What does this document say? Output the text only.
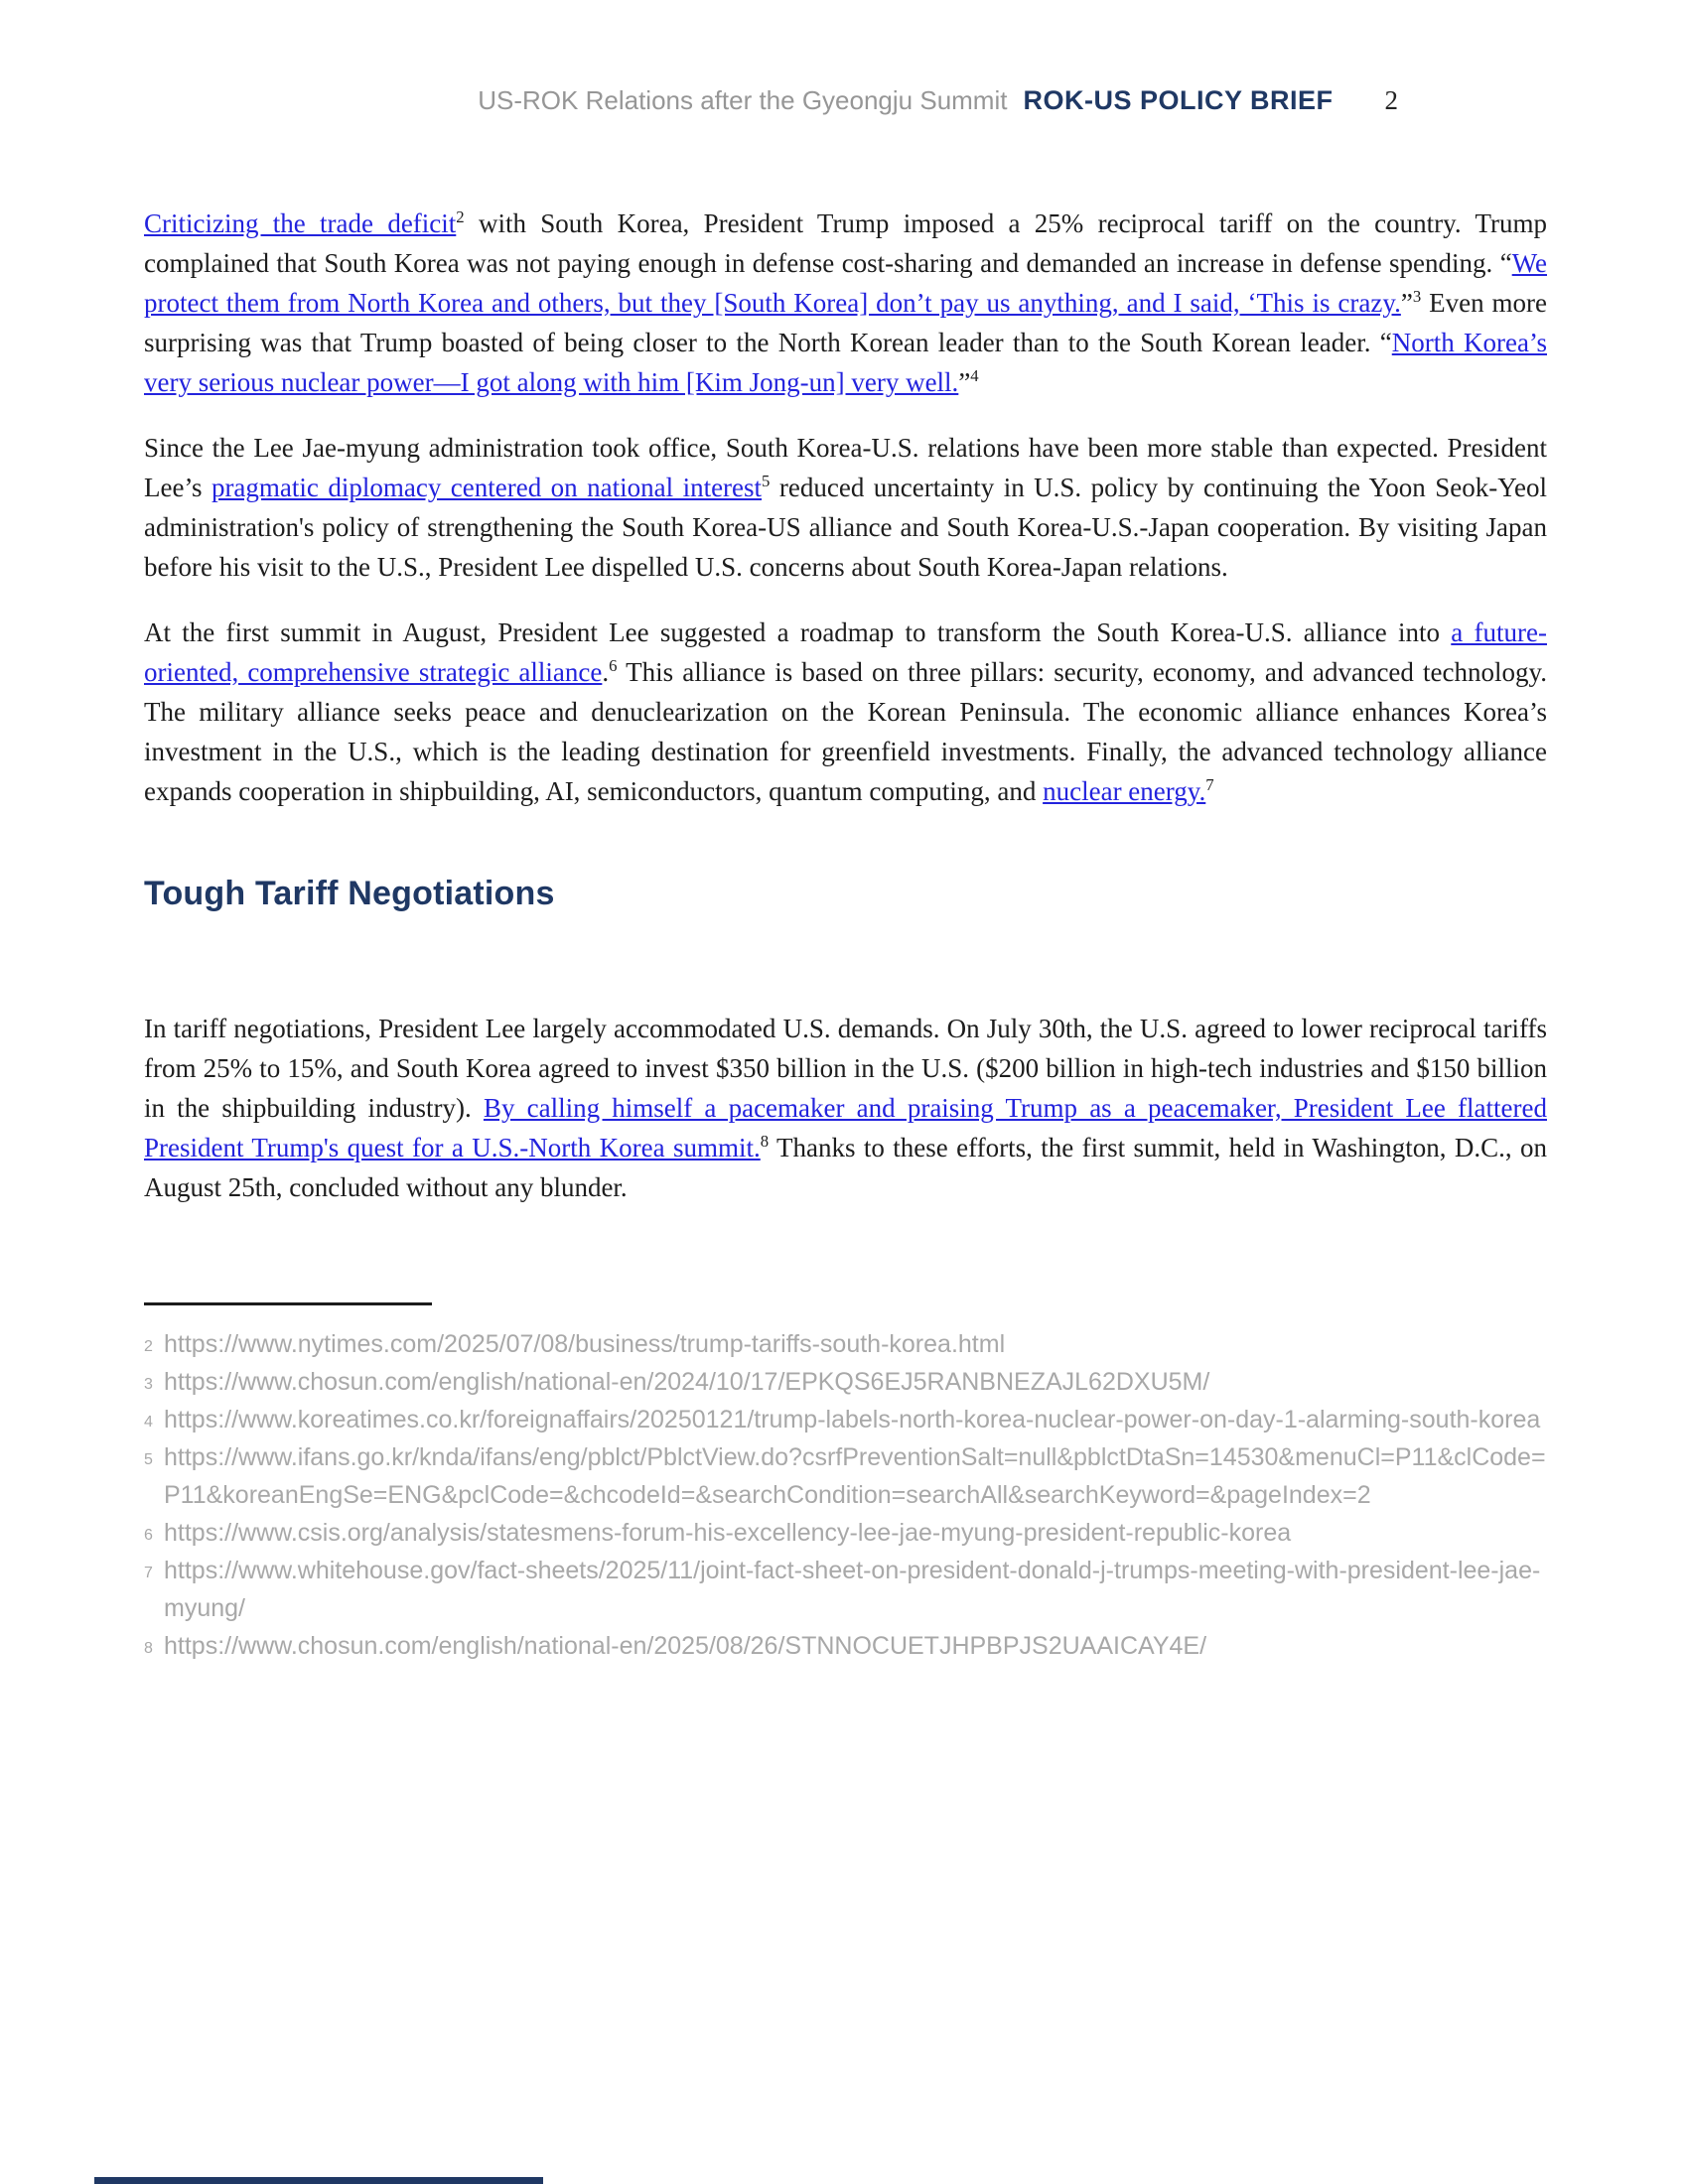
US-ROK Relations after the Gyeongju Summit ROK-US POLICY BRIEF 2

Criticizing the trade deficit$^2$ with South Korea, President Trump imposed a 25% reciprocal tariff on the country. Trump complained that South Korea was not paying enough in defense cost-sharing and demanded an increase in defense spending. “We protect them from North Korea and others, but they [South Korea] don’t pay us anything, and I said, ‘This is crazy.”$^3$ Even more surprising was that Trump boasted of being closer to the North Korean leader than to the South Korean leader. “North Korea’s very serious nuclear power—I got along with him [Kim Jong-un] very well.”$^4$

Since the Lee Jae-myung administration took office, South Korea-U.S. relations have been more stable than expected. President Lee’s pragmatic diplomacy centered on national interest$^5$ reduced uncertainty in U.S. policy by continuing the Yoon Seok-Yeol administration's policy of strengthening the South Korea-US alliance and South Korea-U.S.-Japan cooperation. By visiting Japan before his visit to the U.S., President Lee dispelled U.S. concerns about South Korea-Japan relations.

At the first summit in August, President Lee suggested a roadmap to transform the South Korea-U.S. alliance into a future-oriented, comprehensive strategic alliance.$^6$ This alliance is based on three pillars: security, economy, and advanced technology. The military alliance seeks peace and denuclearization on the Korean Peninsula. The economic alliance enhances Korea’s investment in the U.S., which is the leading destination for greenfield investments. Finally, the advanced technology alliance expands cooperation in shipbuilding, AI, semiconductors, quantum computing, and nuclear energy.$^7$

Tough Tariff Negotiations

In tariff negotiations, President Lee largely accommodated U.S. demands. On July 30th, the U.S. agreed to lower reciprocal tariffs from 25% to 15%, and South Korea agreed to invest $350 billion in the U.S. ($200 billion in high-tech industries and $150 billion in the shipbuilding industry). By calling himself a pacemaker and praising Trump as a peacemaker, President Lee flattered President Trump's quest for a U.S.-North Korea summit.$^8$ Thanks to these efforts, the first summit, held in Washington, D.C., on August 25th, concluded without any blunder.

2 https://www.nytimes.com/2025/07/08/business/trump-tariffs-south-korea.html
3 https://www.chosun.com/english/national-en/2024/10/17/EPKQS6EJ5RANBNEZAJL62DXU5M/
4 https://www.koreatimes.co.kr/foreignaffairs/20250121/trump-labels-north-korea-nuclear-power-on-day-1-alarming-south-korea
5 https://www.ifans.go.kr/knda/ifans/eng/pblct/PblctView.do?csrfPreventionSalt=null&pblctDtaSn=14530&menuCl=P11&clCode=P11&koreanEngSe=ENG&pclCode=&chcodeId=&searchCondition=searchAll&searchKeyword=&pageIndex=2
6 https://www.csis.org/analysis/statesmens-forum-his-excellency-lee-jae-myung-president-republic-korea
7 https://www.whitehouse.gov/fact-sheets/2025/11/joint-fact-sheet-on-president-donald-j-trumps-meeting-with-president-lee-jae-myung/
8 https://www.chosun.com/english/national-en/2025/08/26/STNNOCUETJHPBPJS2UAAICAY4E/
